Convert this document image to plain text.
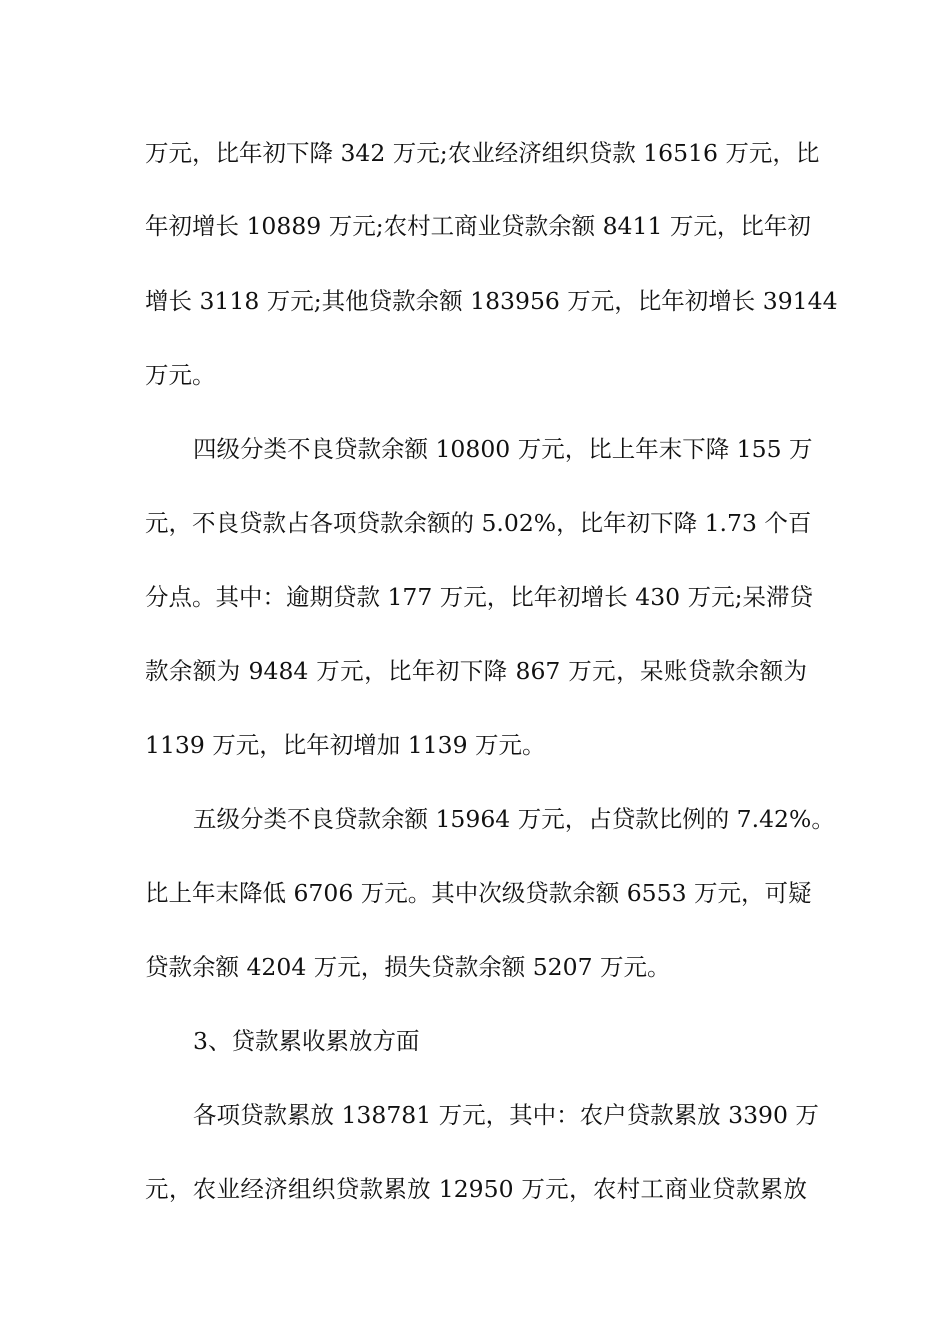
万元，比年初下降 342 万元;农业经济组织贷款 16516 万元，比
年初增长 10889 万元;农村工商业贷款余额 8411 万元，比年初
增长 3118 万元;其他贷款余额 183956 万元，比年初增长 39144
万元。
四级分类不良贷款余额 10800 万元，比上年末下降 155 万
元，不良贷款占各项贷款余额的 5.02%，比年初下降 1.73 个百
分点。其中：逾期贷款 177 万元，比年初增长 430 万元;呆滞贷
款余额为 9484 万元，比年初下降 867 万元，呆账贷款余额为
1139 万元，比年初增加 1139 万元。
五级分类不良贷款余额 15964 万元，占贷款比例的 7.42%。
比上年末降低 6706 万元。其中次级贷款余额 6553 万元，可疑
贷款余额 4204 万元，损失贷款余额 5207 万元。
3、贷款累收累放方面
各项贷款累放 138781 万元，其中：农户贷款累放 3390 万
元，农业经济组织贷款累放 12950 万元，农村工商业贷款累放
